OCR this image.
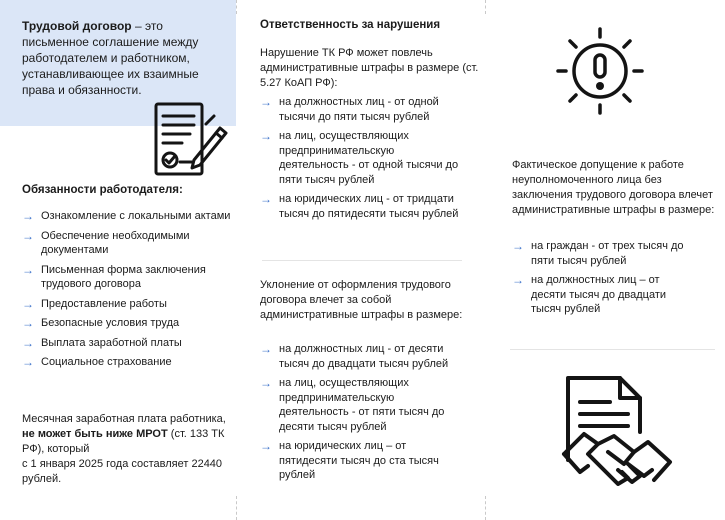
Трудовой договор – это письменное соглашение между работодателем и работником, устанавливающее их взаимные права и обязанности.
Обязанности работодателя:
→ Ознакомление с локальными актами
→ Обеспечение необходимыми документами
→ Письменная форма заключения трудового договора
→ Предоставление работы
→ Безопасные условия труда
→ Выплата заработной платы
→ Социальное страхование
Месячная заработная плата работника, не может быть ниже МРОТ (ст. 133 ТК РФ), который
с 1 января 2025 года составляет 22440 рублей.
Ответственность за нарушения
Нарушение ТК РФ может повлечь административные штрафы в размере (ст. 5.27 КоАП РФ):
→ на должностных лиц - от одной тысячи до пяти тысяч рублей
→ на лиц, осуществляющих предпринимательскую деятельность - от одной тысячи до пяти тысяч рублей
→ на юридических лиц - от тридцати тысяч до пятидесяти тысяч рублей
Уклонение от оформления трудового договора влечет за собой административные штрафы в размере:
→ на должностных лиц - от десяти тысяч до двадцати тысяч рублей
→ на лиц, осуществляющих предпринимательскую деятельность - от пяти тысяч до десяти тысяч рублей
→ на юридических лиц – от пятидесяти тысяч до ста тысяч рублей
Фактическое допущение к работе неуполномоченного лица без заключения трудового договора влечет административные штрафы в размере:
→ на граждан - от трех тысяч до пяти тысяч рублей
→ на должностных лиц – от десяти тысяч до двадцати тысяч рублей
